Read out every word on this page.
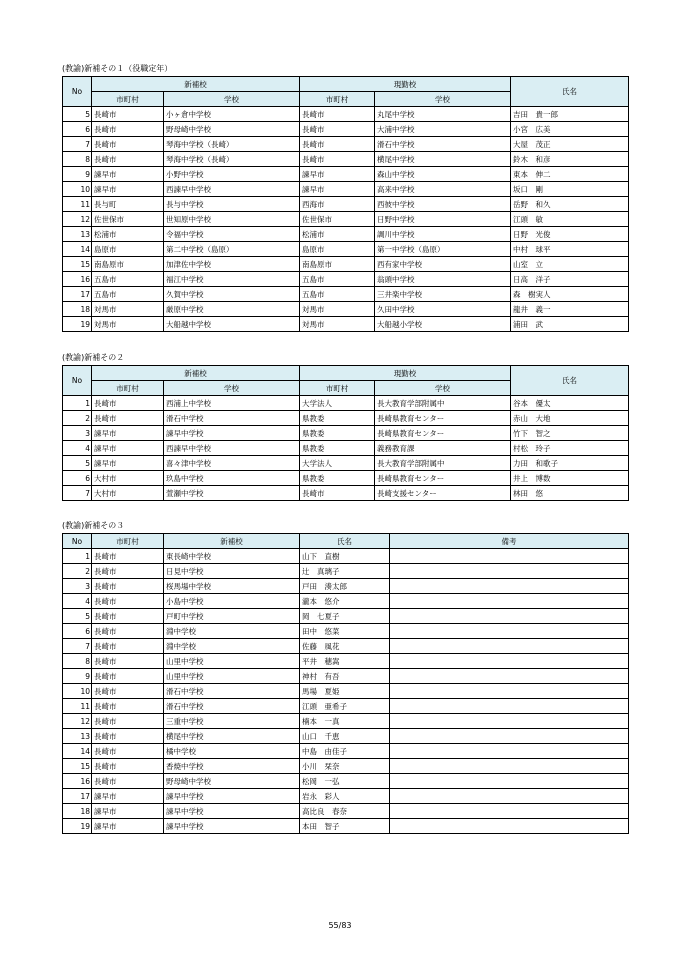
(教諭)新補その１（役職定年）
No	新補校		現勤校		氏名
	市町村	学校	市町村	学校	
5	長崎市	小ヶ倉中学校	長崎市	丸尾中学校	吉田　貴一郎
6	長崎市	野母崎中学校	長崎市	大浦中学校	小宮　広美
7	長崎市	琴海中学校（長崎）	長崎市	滑石中学校	大屋　茂正
8	長崎市	琴海中学校（長崎）	長崎市	横尾中学校	鈴木　和彦
9	諫早市	小野中学校	諫早市	森山中学校	東本　伸二
10	諫早市	西諫早中学校	諫早市	高来中学校	坂口　剛
11	長与町	長与中学校	西海市	西彼中学校	岳野　和久
12	佐世保市	世知原中学校	佐世保市	日野中学校	江頭　敏
13	松浦市	令福中学校	松浦市	調川中学校	日野　光俊
14	島原市	第二中学校（島原）	島原市	第一中学校（島原）	中村　球平
15	南島原市	加津佐中学校	南島原市	西有家中学校	山室　立
16	五島市	福江中学校	五島市	翁頭中学校	日高　洋子
17	五島市	久賀中学校	五島市	三井楽中学校	森　樹実人
18	対馬市	厳原中学校	対馬市	久田中学校	龍井　義一
19	対馬市	大船越中学校	対馬市	大船越小学校	浦田　武
(教諭)新補その２
No	新補校		現勤校		氏名
	市町村	学校	市町村	学校	
1	長崎市	西浦上中学校	大学法人	長大教育学部附属中	谷本　優太
2	長崎市	滑石中学校	県教委	長崎県教育センター	赤山　大地
3	諫早市	諫早中学校	県教委	長崎県教育センター	竹下　智之
4	諫早市	西諫早中学校	県教委	義務教育課	村松　玲子
5	諫早市	喜々津中学校	大学法人	長大教育学部附属中	力田　和歌子
6	大村市	玖島中学校	県教委	長崎県教育センター	井上　博数
7	大村市	萱瀬中学校	長崎市	長崎支援センター	林田　悠
(教諭)新補その３
No	市町村	新補校	氏名	備考
1	長崎市	東長崎中学校	山下　直樹	
2	長崎市	日見中学校	辻　真璃子	
3	長崎市	桜馬場中学校	戸田　湊太郎	
4	長崎市	小島中学校	瀧本　悠介	
5	長崎市	戸町中学校	岡　七夏子	
6	長崎市	淵中学校	田中　悠菜	
7	長崎市	淵中学校	佐藤　風花	
8	長崎市	山里中学校	平井　穂嵩	
9	長崎市	山里中学校	神村　有吾	
10	長崎市	滑石中学校	馬場　夏姫	
11	長崎市	滑石中学校	江頭　亜希子	
12	長崎市	三重中学校	楠本　一真	
13	長崎市	横尾中学校	山口　千恵	
14	長崎市	橘中学校	中島　由佳子	
15	長崎市	香焼中学校	小川　栞奈	
16	長崎市	野母崎中学校	松岡　一弘	
17	諫早市	諫早中学校	岩永　彩人	
18	諫早市	諫早中学校	高比良　春奈	
19	諫早市	諫早中学校	本田　智子	
55/83
